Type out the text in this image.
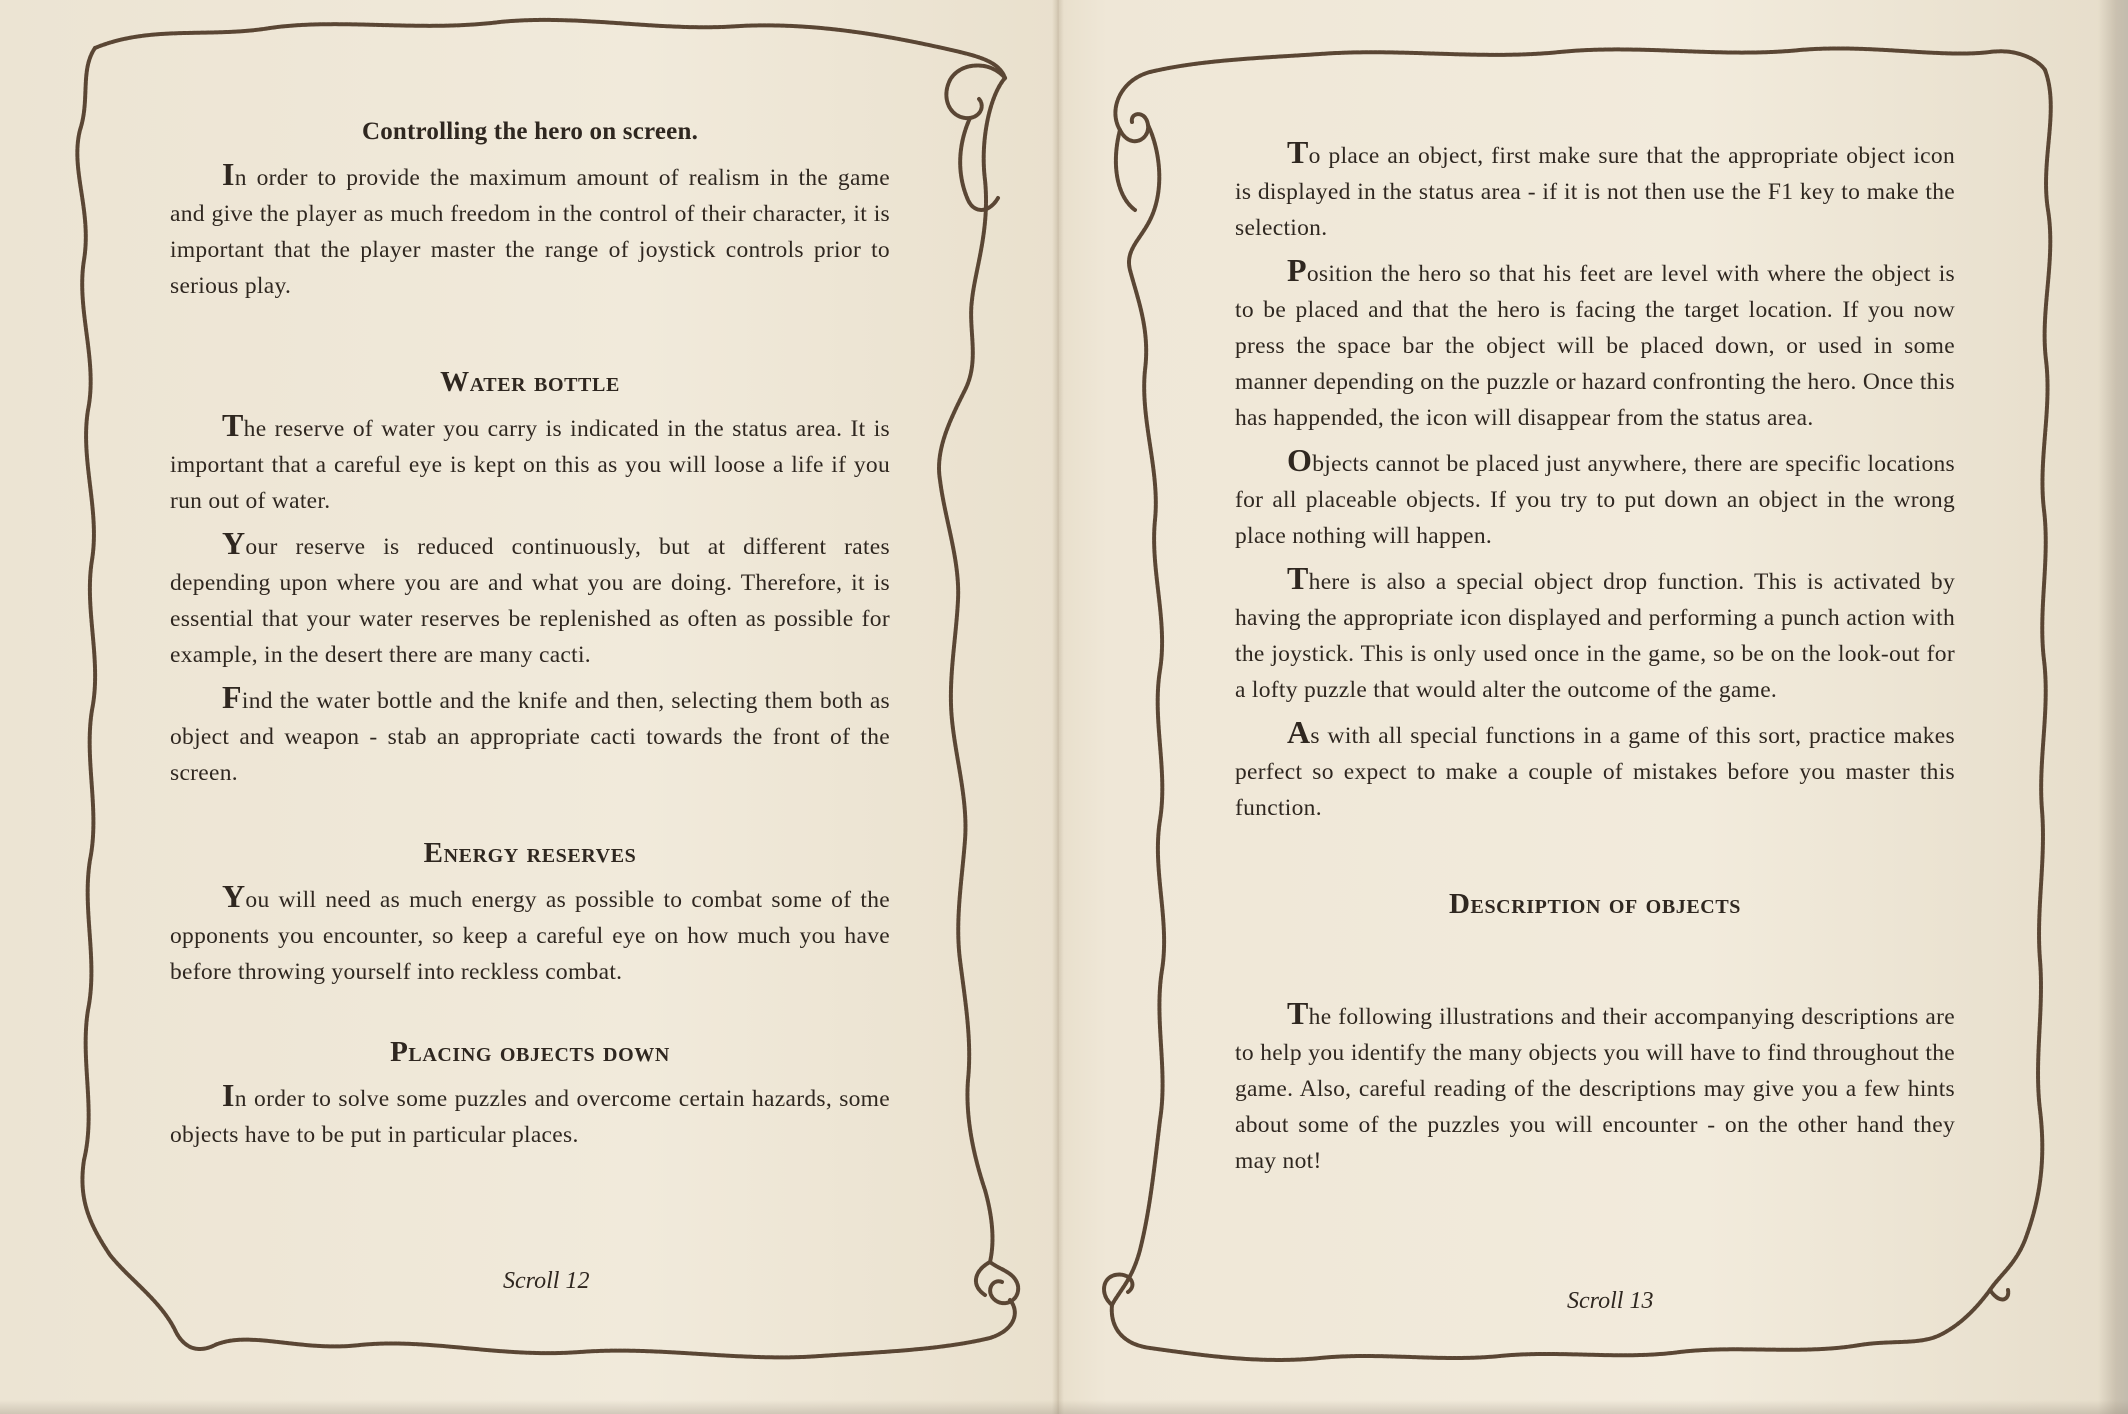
Controlling the hero on screen.

In order to provide the maximum amount of realism in the game and give the player as much freedom in the control of their character, it is important that the player master the range of joystick controls prior to serious play.

Water bottle

The reserve of water you carry is indicated in the status area. It is important that a careful eye is kept on this as you will loose a life if you run out of water.

Your reserve is reduced continuously, but at different rates depending upon where you are and what you are doing. Therefore, it is essential that your water reserves be replenished as often as possible for example, in the desert there are many cacti.

Find the water bottle and the knife and then, selecting them both as object and weapon - stab an appropriate cacti towards the front of the screen.

Energy reserves

You will need as much energy as possible to combat some of the opponents you encounter, so keep a careful eye on how much you have before throwing yourself into reckless combat.

Placing objects down

In order to solve some puzzles and overcome certain hazards, some objects have to be put in particular places.

Scroll 12

To place an object, first make sure that the appropriate object icon is displayed in the status area - if it is not then use the F1 key to make the selection.

Position the hero so that his feet are level with where the object is to be placed and that the hero is facing the target location. If you now press the space bar the object will be placed down, or used in some manner depending on the puzzle or hazard confronting the hero. Once this has happended, the icon will disappear from the status area.

Objects cannot be placed just anywhere, there are specific locations for all placeable objects. If you try to put down an object in the wrong place nothing will happen.

There is also a special object drop function. This is activated by having the appropriate icon displayed and performing a punch action with the joystick. This is only used once in the game, so be on the look-out for a lofty puzzle that would alter the outcome of the game.

As with all special functions in a game of this sort, practice makes perfect so expect to make a couple of mistakes before you master this function.

Description of objects

The following illustrations and their accompanying descriptions are to help you identify the many objects you will have to find throughout the game. Also, careful reading of the descriptions may give you a few hints about some of the puzzles you will encounter - on the other hand they may not!

Scroll 13
